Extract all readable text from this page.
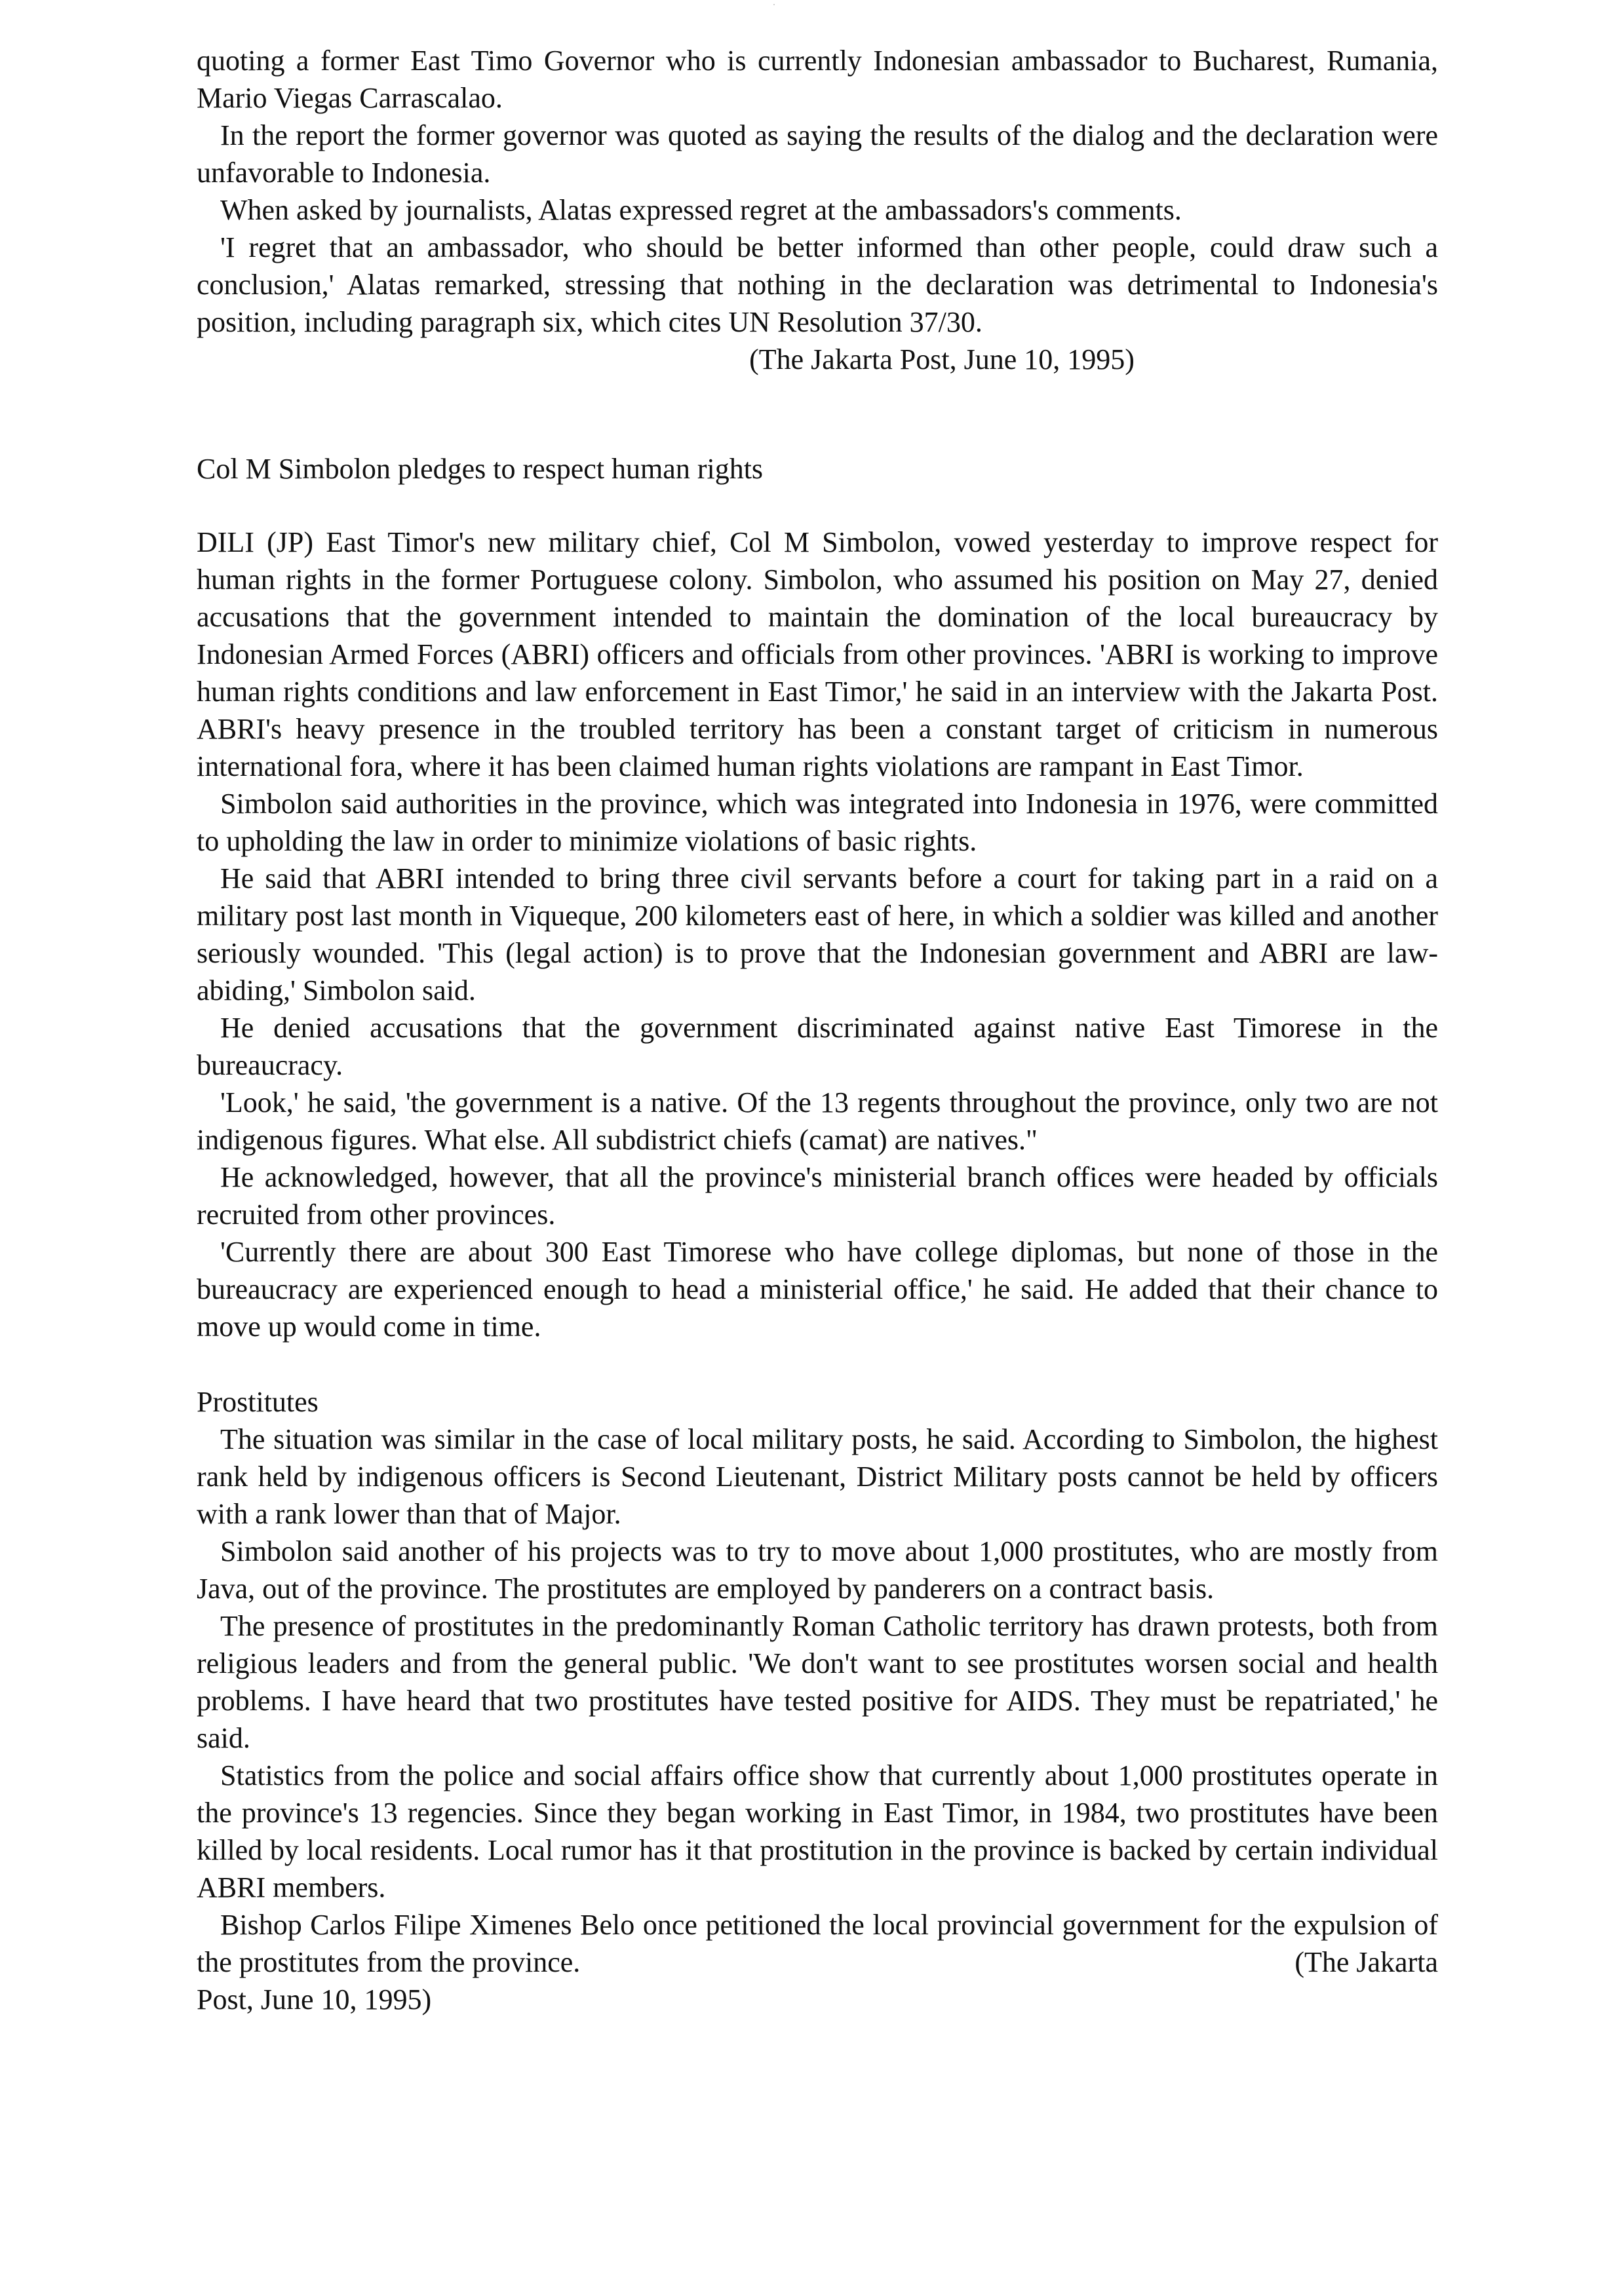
quoting a former East Timo Governor who is currently Indonesian ambassador to Bucharest, Rumania, Mario Viegas Carrascalao.

In the report the former governor was quoted as saying the results of the dialog and the declaration were unfavorable to Indonesia.

When asked by journalists, Alatas expressed regret at the ambassadors's comments.

'I regret that an ambassador, who should be better informed than other people, could draw such a conclusion,' Alatas remarked, stressing that nothing in the declaration was detrimental to Indonesia's position, including paragraph six, which cites UN Resolution 37/30.

(The Jakarta Post, June 10, 1995)

Col M Simbolon pledges to respect human rights

DILI (JP) East Timor's new military chief, Col M Simbolon, vowed yesterday to improve respect for human rights in the former Portuguese colony. Simbolon, who assumed his position on May 27, denied accusations that the government intended to maintain the domination of the local bureaucracy by Indonesian Armed Forces (ABRI) officers and officials from other provinces. 'ABRI is working to improve human rights conditions and law enforcement in East Timor,' he said in an interview with the Jakarta Post. ABRI's heavy presence in the troubled territory has been a constant target of criticism in numerous international fora, where it has been claimed human rights violations are rampant in East Timor.

Simbolon said authorities in the province, which was integrated into Indonesia in 1976, were committed to upholding the law in order to minimize violations of basic rights.

He said that ABRI intended to bring three civil servants before a court for taking part in a raid on a military post last month in Viqueque, 200 kilometers east of here, in which a soldier was killed and another seriously wounded. 'This (legal action) is to prove that the Indonesian government and ABRI are law-abiding,' Simbolon said.

He denied accusations that the government discriminated against native East Timorese in the bureaucracy.

'Look,' he said, 'the government is a native. Of the 13 regents throughout the province, only two are not indigenous figures. What else. All subdistrict chiefs (camat) are natives."

He acknowledged, however, that all the province's ministerial branch offices were headed by officials recruited from other provinces.

'Currently there are about 300 East Timorese who have college diplomas, but none of those in the bureaucracy are experienced enough to head a ministerial office,' he said. He added that their chance to move up would come in time.

Prostitutes

The situation was similar in the case of local military posts, he said. According to Simbolon, the highest rank held by indigenous officers is Second Lieutenant, District Military posts cannot be held by officers with a rank lower than that of Major.

Simbolon said another of his projects was to try to move about 1,000 prostitutes, who are mostly from Java, out of the province. The prostitutes are employed by panderers on a contract basis.

The presence of prostitutes in the predominantly Roman Catholic territory has drawn protests, both from religious leaders and from the general public. 'We don't want to see prostitutes worsen social and health problems. I have heard that two prostitutes have tested positive for AIDS. They must be repatriated,' he said.

Statistics from the police and social affairs office show that currently about 1,000 prostitutes operate in the province's 13 regencies. Since they began working in East Timor, in 1984, two prostitutes have been killed by local residents. Local rumor has it that prostitution in the province is backed by certain individual ABRI members.

Bishop Carlos Filipe Ximenes Belo once petitioned the local provincial government for the expulsion of the prostitutes from the province.	(The Jakarta

Post, June 10, 1995)
